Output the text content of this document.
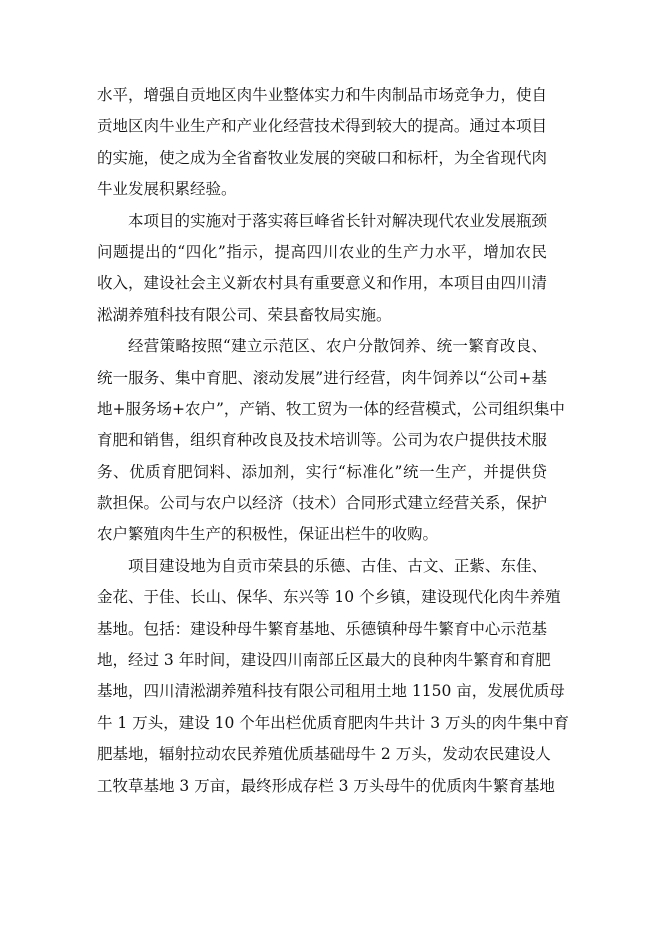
水平，增强自贡地区肉牛业整体实力和牛肉制品市场竞争力，使自
贡地区肉牛业生产和产业化经营技术得到较大的提高。通过本项目
的实施，使之成为全省畜牧业发展的突破口和标杆，为全省现代肉
牛业发展积累经验。
本项目的实施对于落实蒋巨峰省长针对解决现代农业发展瓶颈
问题提出的“四化”指示，提高四川农业的生产力水平，增加农民
收入，建设社会主义新农村具有重要意义和作用，本项目由四川清
淞湖养殖科技有限公司、荣县畜牧局实施。
经营策略按照“建立示范区、农户分散饲养、统一繁育改良、
统一服务、集中育肥、滚动发展”进行经营，肉牛饲养以“公司+基
地+服务场+农户”，产销、牧工贸为一体的经营模式，公司组织集中
育肥和销售，组织育种改良及技术培训等。公司为农户提供技术服
务、优质育肥饲料、添加剂，实行“标准化”统一生产，并提供贷
款担保。公司与农户以经济（技术）合同形式建立经营关系，保护
农户繁殖肉牛生产的积极性，保证出栏牛的收购。
项目建设地为自贡市荣县的乐德、古佳、古文、正紫、东佳、
金花、于佳、长山、保华、东兴等 10 个乡镇，建设现代化肉牛养殖
基地。包括：建设种母牛繁育基地、乐德镇种母牛繁育中心示范基
地，经过 3 年时间，建设四川南部丘区最大的良种肉牛繁育和育肥
基地，四川清淞湖养殖科技有限公司租用土地 1150 亩，发展优质母
牛 1 万头，建设 10 个年出栏优质育肥肉牛共计 3 万头的肉牛集中育
肥基地，辐射拉动农民养殖优质基础母牛 2 万头，发动农民建设人
工牧草基地 3 万亩，最终形成存栏 3 万头母牛的优质肉牛繁育基地
